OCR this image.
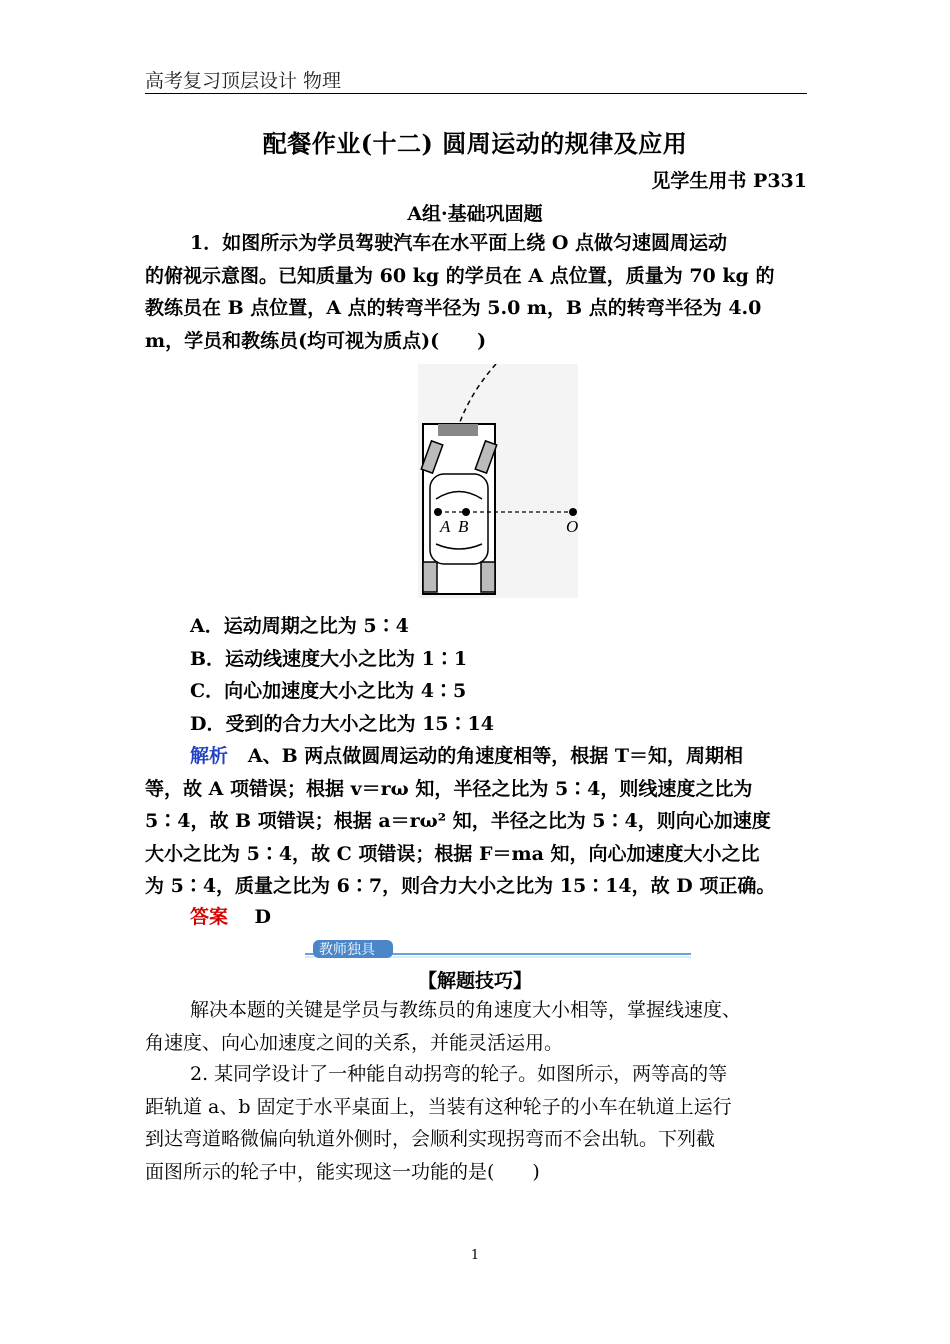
高考复习顶层设计 物理
配餐作业(十二) 圆周运动的规律及应用
见学生用书 P331
A组·基础巩固题
1．如图所示为学员驾驶汽车在水平面上绕 O 点做匀速圆周运动
的俯视示意图。已知质量为 60 kg 的学员在 A 点位置，质量为 70 kg 的
教练员在 B 点位置，A 点的转弯半径为 5.0 m，B 点的转弯半径为 4.0
m，学员和教练员(均可视为质点)(　　)
A B	O
A．运动周期之比为 5∶4
B．运动线速度大小之比为 1∶1
C．向心加速度大小之比为 4∶5
D．受到的合力大小之比为 15∶14
解析 A、B 两点做圆周运动的角速度相等，根据 T＝知，周期相
等，故 A 项错误；根据 v＝rω 知，半径之比为 5∶4，则线速度之比为
5∶4，故 B 项错误；根据 a＝rω² 知，半径之比为 5∶4，则向心加速度
大小之比为 5∶4，故 C 项错误；根据 F＝ma 知，向心加速度大小之比
为 5∶4，质量之比为 6∶7，则合力大小之比为 15∶14，故 D 项正确。
答案 D
教师独具
【解题技巧】
解决本题的关键是学员与教练员的角速度大小相等，掌握线速度、
角速度、向心加速度之间的关系，并能灵活运用。
2. 某同学设计了一种能自动拐弯的轮子。如图所示，两等高的等
距轨道 a、b 固定于水平桌面上，当装有这种轮子的小车在轨道上运行
到达弯道略微偏向轨道外侧时，会顺利实现拐弯而不会出轨。下列截
面图所示的轮子中，能实现这一功能的是(　　)
1
